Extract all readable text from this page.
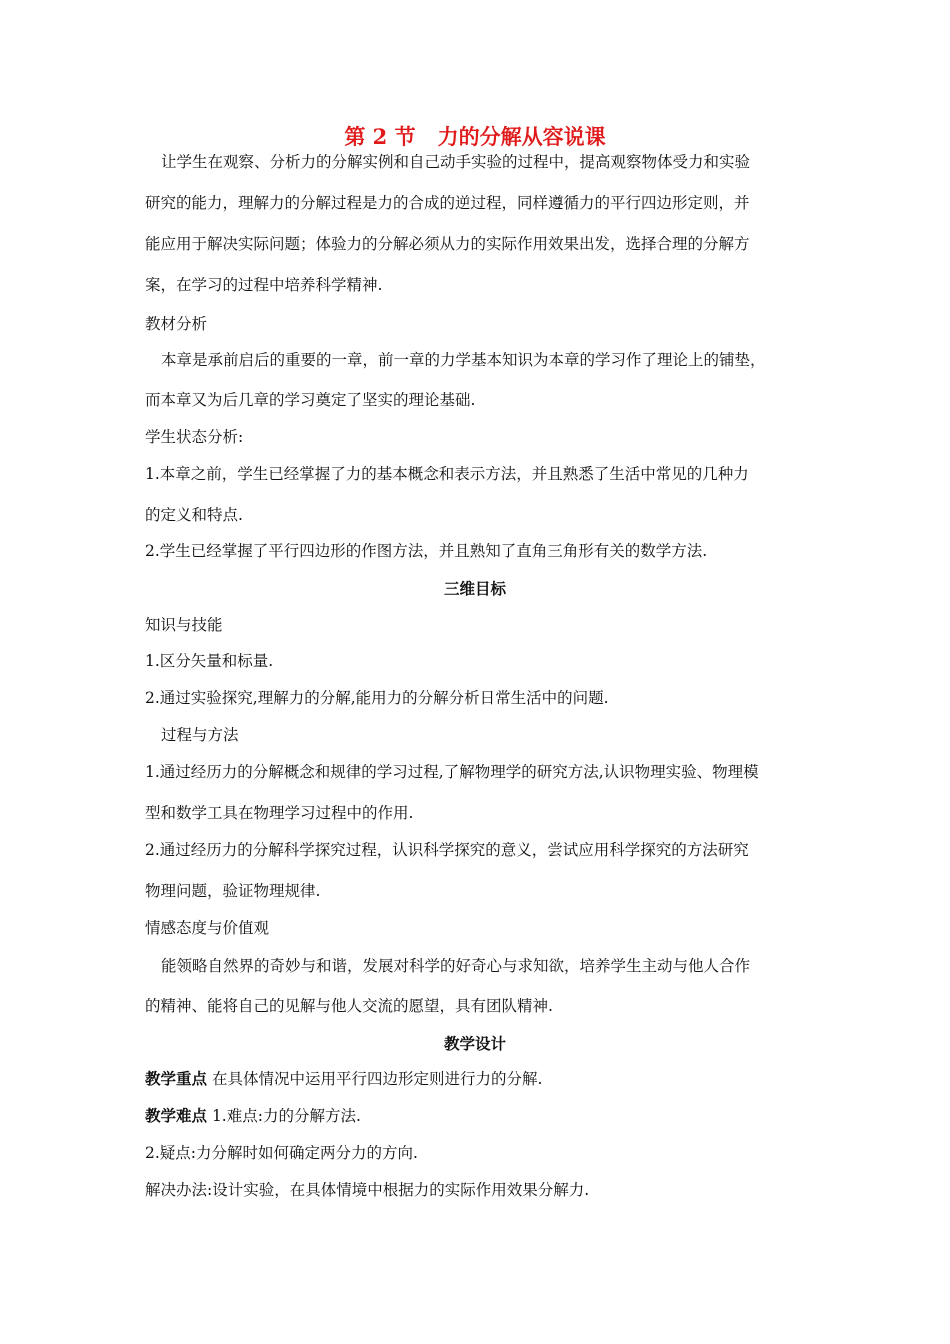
第 2 节 力的分解从容说课
让学生在观察、分析力的分解实例和自己动手实验的过程中，提高观察物体受力和实验
研究的能力，理解力的分解过程是力的合成的逆过程，同样遵循力的平行四边形定则，并
能应用于解决实际问题；体验力的分解必须从力的实际作用效果出发，选择合理的分解方
案，在学习的过程中培养科学精神.
教材分析
本章是承前启后的重要的一章，前一章的力学基本知识为本章的学习作了理论上的铺垫，
而本章又为后几章的学习奠定了坚实的理论基础.
学生状态分析:
1.本章之前，学生已经掌握了力的基本概念和表示方法，并且熟悉了生活中常见的几种力
的定义和特点.
2.学生已经掌握了平行四边形的作图方法，并且熟知了直角三角形有关的数学方法.
三维目标
知识与技能
1.区分矢量和标量.
2.通过实验探究,理解力的分解,能用力的分解分析日常生活中的问题.
过程与方法
1.通过经历力的分解概念和规律的学习过程,了解物理学的研究方法,认识物理实验、物理模
型和数学工具在物理学习过程中的作用.
2.通过经历力的分解科学探究过程，认识科学探究的意义，尝试应用科学探究的方法研究
物理问题，验证物理规律.
情感态度与价值观
能领略自然界的奇妙与和谐，发展对科学的好奇心与求知欲，培养学生主动与他人合作
的精神、能将自己的见解与他人交流的愿望，具有团队精神.
教学设计
教学重点 在具体情况中运用平行四边形定则进行力的分解.
教学难点 1.难点:力的分解方法.
2.疑点:力分解时如何确定两分力的方向.
解决办法:设计实验，在具体情境中根据力的实际作用效果分解力.
